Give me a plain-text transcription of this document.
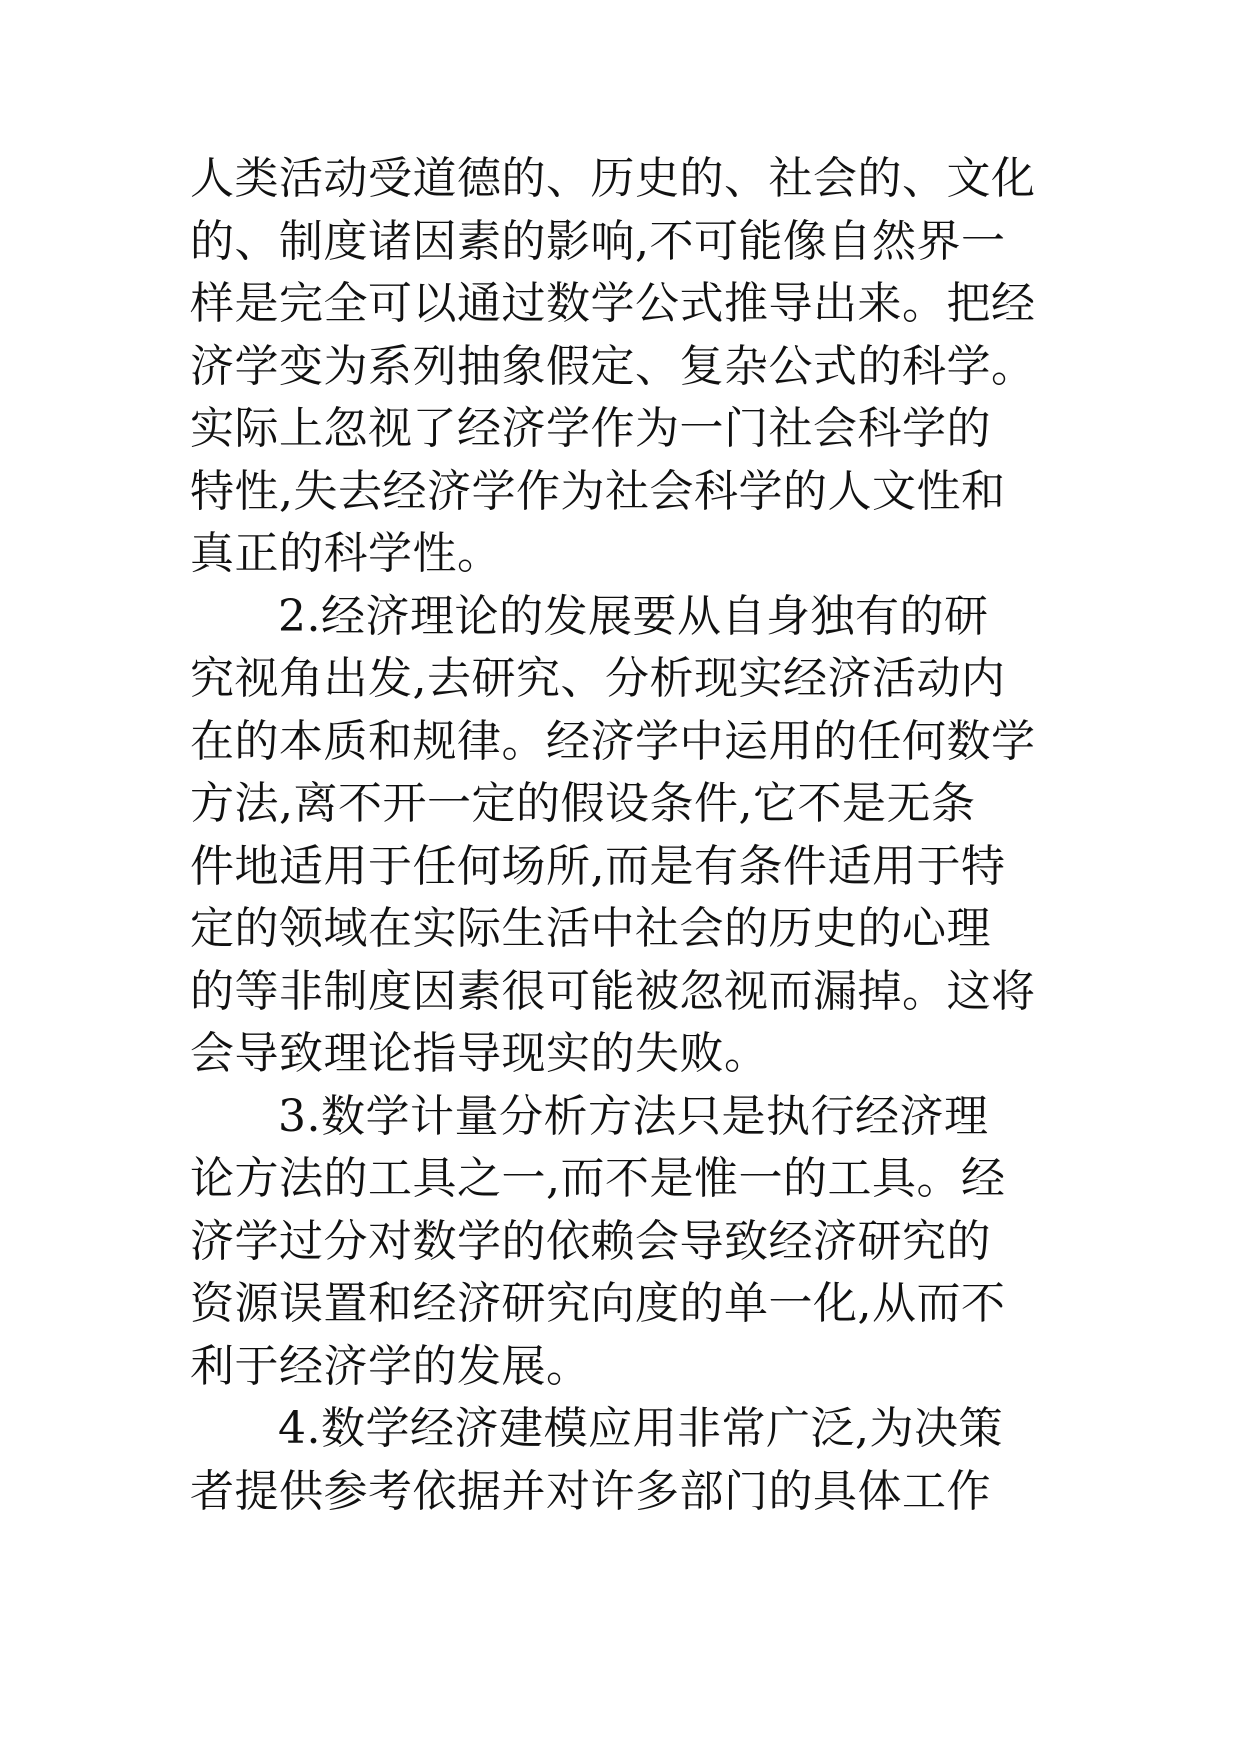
人类活动受道德的、历史的、社会的、文化
的、制度诸因素的影响,不可能像自然界一
样是完全可以通过数学公式推导出来。把经
济学变为系列抽象假定、复杂公式的科学。
实际上忽视了经济学作为一门社会科学的
特性,失去经济学作为社会科学的人文性和
真正的科学性。
2.经济理论的发展要从自身独有的研
究视角出发,去研究、分析现实经济活动内
在的本质和规律。经济学中运用的任何数学
方法,离不开一定的假设条件,它不是无条
件地适用于任何场所,而是有条件适用于特
定的领域在实际生活中社会的历史的心理
的等非制度因素很可能被忽视而漏掉。这将
会导致理论指导现实的失败。
3.数学计量分析方法只是执行经济理
论方法的工具之一,而不是惟一的工具。经
济学过分对数学的依赖会导致经济研究的
资源误置和经济研究向度的单一化,从而不
利于经济学的发展。
4.数学经济建模应用非常广泛,为决策
者提供参考依据并对许多部门的具体工作
